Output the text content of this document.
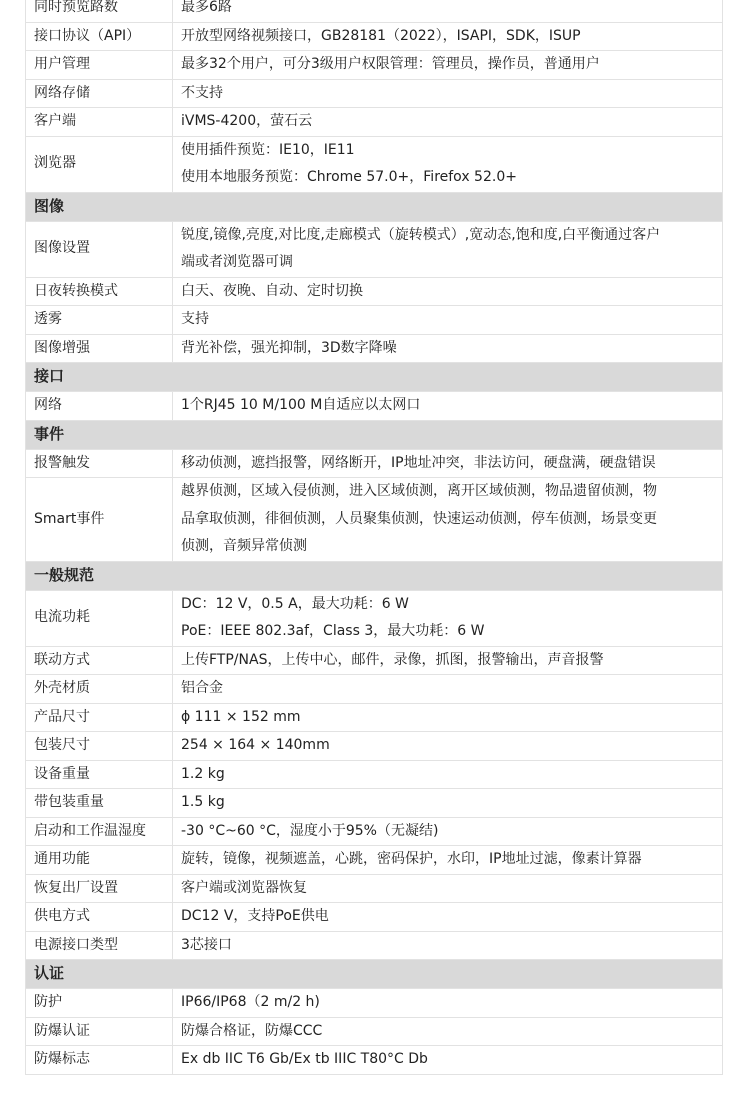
同时预览路数	最多6路

接口协议（API）	开放型网络视频接口，GB28181（2022），ISAPI，SDK，ISUP

用户管理	最多32个用户，可分3级用户权限管理：管理员，操作员，普通用户

网络存储	不支持

客户端	iVMS-4200，萤石云

浏览器	使用插件预览：IE10，IE11
使用本地服务预览：Chrome 57.0+，Firefox 52.0+

图像	
图像设置	锐度,镜像,亮度,对比度,走廊模式（旋转模式）,宽动态,饱和度,白平衡通过客户
端或者浏览器可调

日夜转换模式	白天、夜晚、自动、定时切换

透雾	支持

图像增强	背光补偿，强光抑制，3D数字降噪

接口	
网络	1个RJ45 10 M/100 M自适应以太网口

事件	
报警触发	移动侦测，遮挡报警，网络断开，IP地址冲突，非法访问，硬盘满，硬盘错误

Smart事件	越界侦测，区域入侵侦测，进入区域侦测，离开区域侦测，物品遗留侦测，物
品拿取侦测，徘徊侦测，人员聚集侦测，快速运动侦测，停车侦测，场景变更
侦测，音频异常侦测

一般规范	
电流功耗	DC：12 V，0.5 A，最大功耗：6 W
PoE：IEEE 802.3af，Class 3，最大功耗：6 W

联动方式	上传FTP/NAS，上传中心，邮件，录像，抓图，报警输出，声音报警

外壳材质	铝合金

产品尺寸	ϕ 111 × 152 mm

包装尺寸	254 × 164 × 140mm

设备重量	1.2 kg

带包装重量	1.5 kg

启动和工作温湿度	-30 °C~60 °C，湿度小于95%（无凝结)

通用功能	旋转，镜像，视频遮盖，心跳，密码保护，水印，IP地址过滤，像素计算器

恢复出厂设置	客户端或浏览器恢复

供电方式	DC12 V，支持PoE供电

电源接口类型	3芯接口

认证	
防护	IP66/IP68（2 m/2 h)

防爆认证	防爆合格证，防爆CCC

防爆标志	Ex db IIC T6 Gb/Ex tb IIIC T80°C Db
